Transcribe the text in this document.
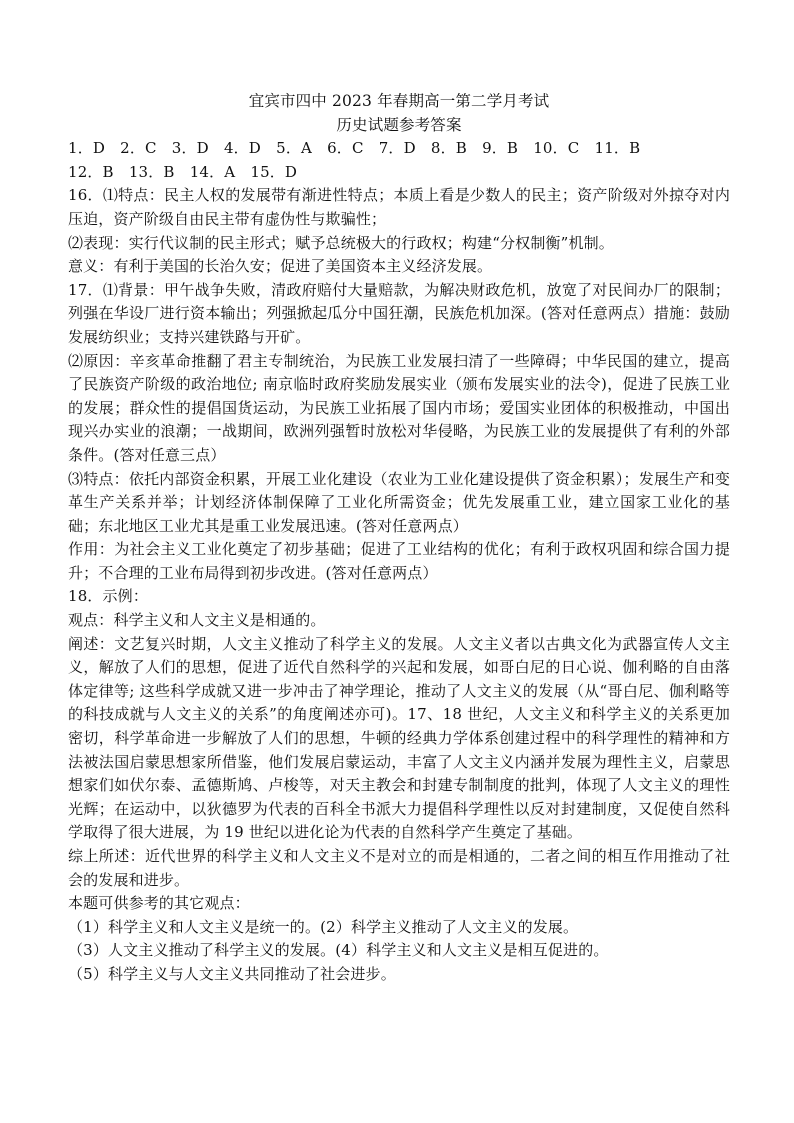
宜宾市四中 2023 年春期高一第二学月考试

历史试题参考答案

1．D　2．C　3．D　4．D　5．A　6．C　7．D　8．B　9．B　10．C　11．B

12．B　13．B　14．A　15．D

16．⑴特点：民主人权的发展带有渐进性特点；本质上看是少数人的民主；资产阶级对外掠夺对内压迫，资产阶级自由民主带有虚伪性与欺骗性；

⑵表现：实行代议制的民主形式；赋予总统极大的行政权；构建“分权制衡”机制。

意义：有利于美国的长治久安；促进了美国资本主义经济发展。

17．⑴背景：甲午战争失败，清政府赔付大量赔款，为解决财政危机，放宽了对民间办厂的限制；列强在华设厂进行资本输出；列强掀起瓜分中国狂潮，民族危机加深。(答对任意两点）措施：鼓励发展纺织业；支持兴建铁路与开矿。

⑵原因：辛亥革命推翻了君主专制统治，为民族工业发展扫清了一些障碍；中华民国的建立，提高了民族资产阶级的政治地位; 南京临时政府奖励发展实业（颁布发展实业的法令)，促进了民族工业的发展；群众性的提倡国货运动，为民族工业拓展了国内市场；爱国实业团体的积极推动，中国出现兴办实业的浪潮；一战期间，欧洲列强暂时放松对华侵略，为民族工业的发展提供了有利的外部条件。(答对任意三点）

⑶特点：依托内部资金积累，开展工业化建设（农业为工业化建设提供了资金积累）；发展生产和变革生产关系并举；计划经济体制保障了工业化所需资金；优先发展重工业，建立国家工业化的基础；东北地区工业尤其是重工业发展迅速。(答对任意两点）

作用：为社会主义工业化奠定了初步基础；促进了工业结构的优化；有利于政权巩固和综合国力提升；不合理的工业布局得到初步改进。(答对任意两点）

18．示例：

观点：科学主义和人文主义是相通的。

阐述：文艺复兴时期，人文主义推动了科学主义的发展。人文主义者以古典文化为武器宣传人文主义，解放了人们的思想，促进了近代自然科学的兴起和发展，如哥白尼的日心说、伽利略的自由落体定律等; 这些科学成就又进一步冲击了神学理论，推动了人文主义的发展（从“哥白尼、伽利略等的科技成就与人文主义的关系”的角度阐述亦可)。17、18 世纪，人文主义和科学主义的关系更加密切，科学革命进一步解放了人们的思想，牛顿的经典力学体系创建过程中的科学理性的精神和方法被法国启蒙思想家所借鉴，他们发展启蒙运动，丰富了人文主义内涵并发展为理性主义，启蒙思想家们如伏尔泰、孟德斯鸠、卢梭等，对天主教会和封建专制制度的批判，体现了人文主义的理性光辉；在运动中，以狄德罗为代表的百科全书派大力提倡科学理性以反对封建制度，又促使自然科学取得了很大进展，为 19 世纪以进化论为代表的自然科学产生奠定了基础。

综上所述：近代世界的科学主义和人文主义不是对立的而是相通的，二者之间的相互作用推动了社会的发展和进步。

本题可供参考的其它观点：

（1）科学主义和人文主义是统一的。(2）科学主义推动了人文主义的发展。

（3）人文主义推动了科学主义的发展。(4）科学主义和人文主义是相互促进的。

（5）科学主义与人文主义共同推动了社会进步。
